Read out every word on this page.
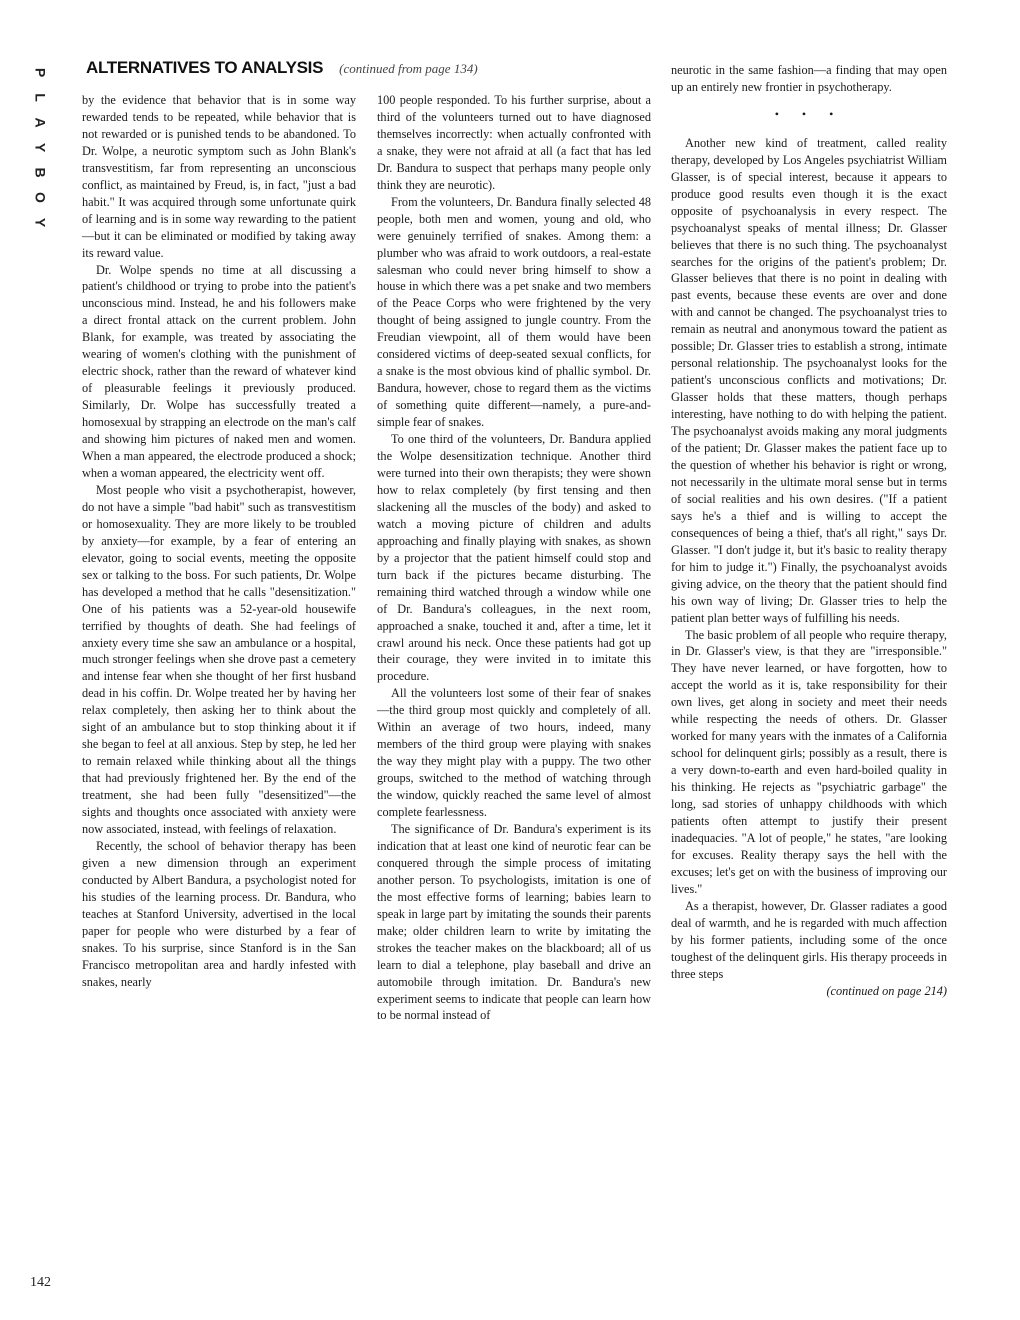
P
L
A
Y
B
O
Y
ALTERNATIVES TO ANALYSIS (continued from page 134)

by the evidence that behavior that is in some way rewarded tends to be repeated, while behavior that is not rewarded or is punished tends to be abandoned. To Dr. Wolpe, a neurotic symptom such as John Blank's transvestitism, far from representing an unconscious conflict, as maintained by Freud, is, in fact, "just a bad habit." It was acquired through some unfortunate quirk of learning and is in some way rewarding to the patient—but it can be eliminated or modified by taking away its reward value.

Dr. Wolpe spends no time at all discussing a patient's childhood or trying to probe into the patient's unconscious mind. Instead, he and his followers make a direct frontal attack on the current problem. John Blank, for example, was treated by associating the wearing of women's clothing with the punishment of electric shock, rather than the reward of whatever kind of pleasurable feelings it previously produced. Similarly, Dr. Wolpe has successfully treated a homosexual by strapping an electrode on the man's calf and showing him pictures of naked men and women. When a man appeared, the electrode produced a shock; when a woman appeared, the electricity went off.

Most people who visit a psychotherapist, however, do not have a simple "bad habit" such as transvestitism or homosexuality. They are more likely to be troubled by anxiety—for example, by a fear of entering an elevator, going to social events, meeting the opposite sex or talking to the boss. For such patients, Dr. Wolpe has developed a method that he calls "desensitization." One of his patients was a 52-year-old housewife terrified by thoughts of death. She had feelings of anxiety every time she saw an ambulance or a hospital, much stronger feelings when she drove past a cemetery and intense fear when she thought of her first husband dead in his coffin. Dr. Wolpe treated her by having her relax completely, then asking her to think about the sight of an ambulance but to stop thinking about it if she began to feel at all anxious. Step by step, he led her to remain relaxed while thinking about all the things that had previously frightened her. By the end of the treatment, she had been fully "desensitized"—the sights and thoughts once associated with anxiety were now associated, instead, with feelings of relaxation.

Recently, the school of behavior therapy has been given a new dimension through an experiment conducted by Albert Bandura, a psychologist noted for his studies of the learning process. Dr. Bandura, who teaches at Stanford University, advertised in the local paper for people who were disturbed by a fear of snakes. To his surprise, since Stanford is in the San Francisco metropolitan area and hardly infested with snakes, nearly

100 people responded. To his further surprise, about a third of the volunteers turned out to have diagnosed themselves incorrectly: when actually confronted with a snake, they were not afraid at all (a fact that has led Dr. Bandura to suspect that perhaps many people only think they are neurotic).

From the volunteers, Dr. Bandura finally selected 48 people, both men and women, young and old, who were genuinely terrified of snakes. Among them: a plumber who was afraid to work outdoors, a real-estate salesman who could never bring himself to show a house in which there was a pet snake and two members of the Peace Corps who were frightened by the very thought of being assigned to jungle country. From the Freudian viewpoint, all of them would have been considered victims of deep-seated sexual conflicts, for a snake is the most obvious kind of phallic symbol. Dr. Bandura, however, chose to regard them as the victims of something quite different—namely, a pure-and-simple fear of snakes.

To one third of the volunteers, Dr. Bandura applied the Wolpe desensitization technique. Another third were turned into their own therapists; they were shown how to relax completely (by first tensing and then slackening all the muscles of the body) and asked to watch a moving picture of children and adults approaching and finally playing with snakes, as shown by a projector that the patient himself could stop and turn back if the pictures became disturbing. The remaining third watched through a window while one of Dr. Bandura's colleagues, in the next room, approached a snake, touched it and, after a time, let it crawl around his neck. Once these patients had got up their courage, they were invited in to imitate this procedure.

All the volunteers lost some of their fear of snakes—the third group most quickly and completely of all. Within an average of two hours, indeed, many members of the third group were playing with snakes the way they might play with a puppy. The two other groups, switched to the method of watching through the window, quickly reached the same level of almost complete fearlessness.

The significance of Dr. Bandura's experiment is its indication that at least one kind of neurotic fear can be conquered through the simple process of imitating another person. To psychologists, imitation is one of the most effective forms of learning; babies learn to speak in large part by imitating the sounds their parents make; older children learn to write by imitating the strokes the teacher makes on the blackboard; all of us learn to dial a telephone, play baseball and drive an automobile through imitation. Dr. Bandura's new experiment seems to indicate that people can learn how to be normal instead of

neurotic in the same fashion—a finding that may open up an entirely new frontier in psychotherapy.

• • •

Another new kind of treatment, called reality therapy, developed by Los Angeles psychiatrist William Glasser, is of special interest, because it appears to produce good results even though it is the exact opposite of psychoanalysis in every respect. The psychoanalyst speaks of mental illness; Dr. Glasser believes that there is no such thing. The psychoanalyst searches for the origins of the patient's problem; Dr. Glasser believes that there is no point in dealing with past events, because these events are over and done with and cannot be changed. The psychoanalyst tries to remain as neutral and anonymous toward the patient as possible; Dr. Glasser tries to establish a strong, intimate personal relationship. The psychoanalyst looks for the patient's unconscious conflicts and motivations; Dr. Glasser holds that these matters, though perhaps interesting, have nothing to do with helping the patient. The psychoanalyst avoids making any moral judgments of the patient; Dr. Glasser makes the patient face up to the question of whether his behavior is right or wrong, not necessarily in the ultimate moral sense but in terms of social realities and his own desires. ("If a patient says he's a thief and is willing to accept the consequences of being a thief, that's all right," says Dr. Glasser. "I don't judge it, but it's basic to reality therapy for him to judge it.") Finally, the psychoanalyst avoids giving advice, on the theory that the patient should find his own way of living; Dr. Glasser tries to help the patient plan better ways of fulfilling his needs.

The basic problem of all people who require therapy, in Dr. Glasser's view, is that they are "irresponsible." They have never learned, or have forgotten, how to accept the world as it is, take responsibility for their own lives, get along in society and meet their needs while respecting the needs of others. Dr. Glasser worked for many years with the inmates of a California school for delinquent girls; possibly as a result, there is a very down-to-earth and even hard-boiled quality in his thinking. He rejects as "psychiatric garbage" the long, sad stories of unhappy childhoods with which patients often attempt to justify their present inadequacies. "A lot of people," he states, "are looking for excuses. Reality therapy says the hell with the excuses; let's get on with the business of improving our lives."

As a therapist, however, Dr. Glasser radiates a good deal of warmth, and he is regarded with much affection by his former patients, including some of the once toughest of the delinquent girls. His therapy proceeds in three steps

(continued on page 214)
142
